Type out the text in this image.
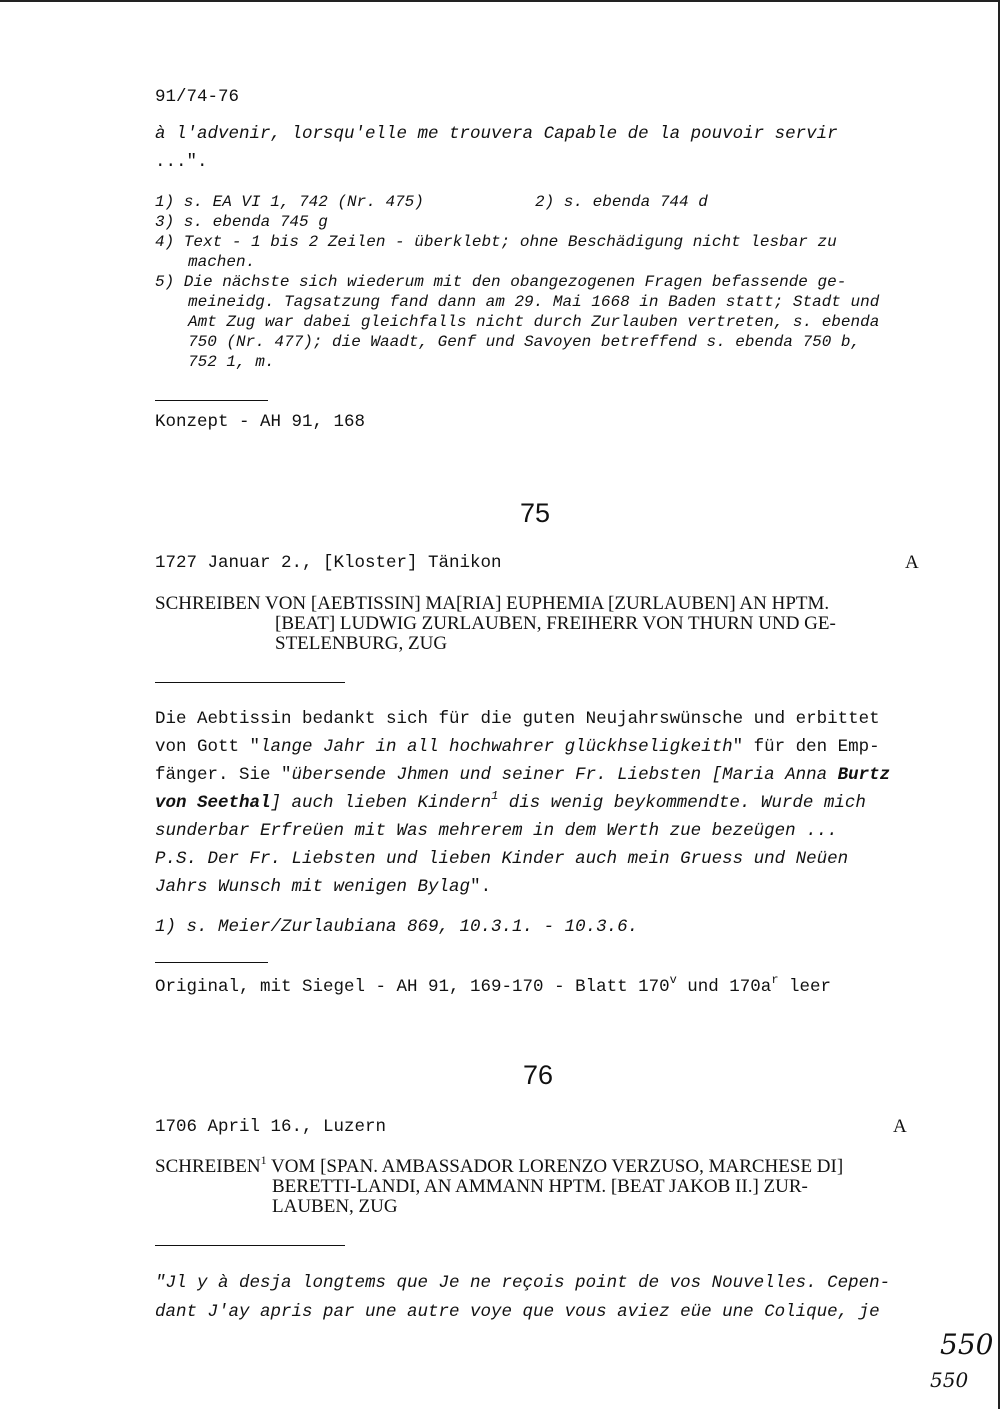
91/74-76
à l'advenir, lorsqu'elle me trouvera Capable de la pouvoir servir
...".
1) s. EA VI 1, 742 (Nr. 475)	2) s. ebenda 744 d
3) s. ebenda 745 g
4) Text - 1 bis 2 Zeilen - überklebt; ohne Beschädigung nicht lesbar zu
machen.
5) Die nächste sich wiederum mit den obangezogenen Fragen befassende ge-
meineidg. Tagsatzung fand dann am 29. Mai 1668 in Baden statt; Stadt und
Amt Zug war dabei gleichfalls nicht durch Zurlauben vertreten, s. ebenda
750 (Nr. 477); die Waadt, Genf und Savoyen betreffend s. ebenda 750 b,
752 1, m.
Konzept - AH 91, 168
75
1727 Januar 2., [Kloster] Tänikon	A
SCHREIBEN VON [AEBTISSIN] MA[RIA] EUPHEMIA [ZURLAUBEN] AN HPTM.
[BEAT] LUDWIG ZURLAUBEN, FREIHERR VON THURN UND GE-
STELENBURG, ZUG
Die Aebtissin bedankt sich für die guten Neujahrswünsche und erbittet
von Gott "lange Jahr in all hochwahrer glückhseligkeith" für den Emp-
fänger. Sie "übersende Jhmen und seiner Fr. Liebsten [Maria Anna Burtz
von Seethal] auch lieben Kindern$^1$ dis wenig beykommendte. Wurde mich
sunderbar Erfreüen mit Was mehrerem in dem Werth zue bezeügen ...
P.S. Der Fr. Liebsten und lieben Kinder auch mein Gruess und Neüen
Jahrs Wunsch mit wenigen Bylag".
1) s. Meier/Zurlaubiana 869, 10.3.1. - 10.3.6.
Original, mit Siegel - AH 91, 169-170 - Blatt 170$^v$ und $170a^r$ leer
76
1706 April 16., Luzern	A
SCHREIBEN$^1$ VOM [SPAN. AMBASSADOR LORENZO VERZUSO, MARCHESE DI]
BERETTI-LANDI, AN AMMANN HPTM. [BEAT JAKOB II.] ZUR-
LAUBEN, ZUG
"Jl y à desja longtems que Je ne reçois point de vos Nouvelles. Cepen-
dant J'ay apris par une autre voye que vous aviez eüe une Colique, je
550
550
